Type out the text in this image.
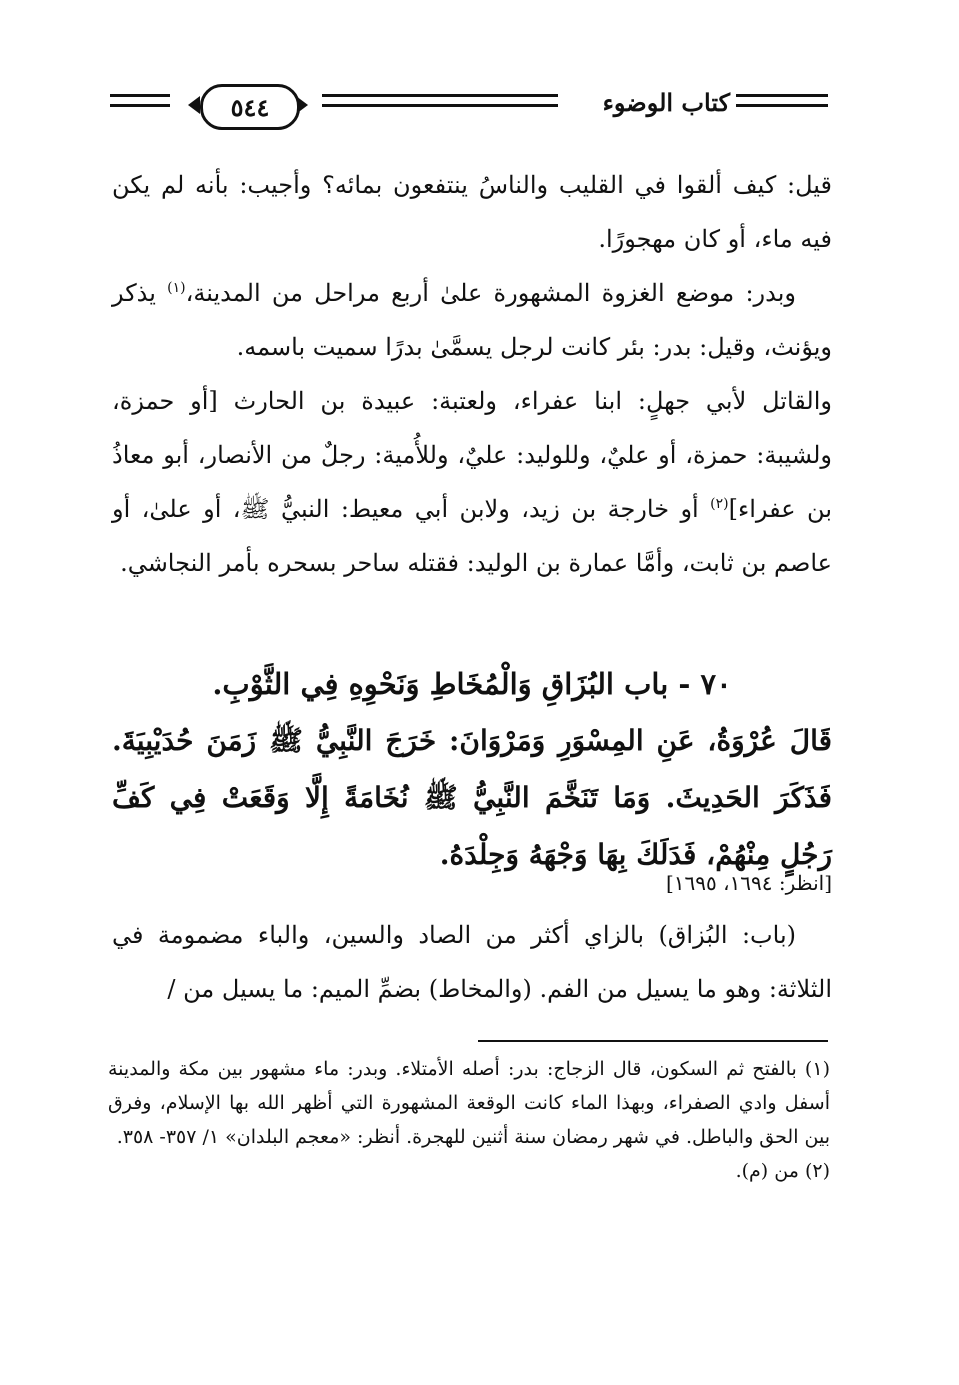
٥٤٤	كتاب الوضوء

قيل: كيف ألقوا في القليب والناسُ ينتفعون بمائه؟ وأجيب: بأنه لم يكن فيه ماء، أو كان مهجورًا.

وبدر: موضع الغزوة المشهورة علىٰ أربع مراحل من المدينة،$^{(١)}$ يذكر ويؤنث، وقيل: بدر: بئر كانت لرجل يسمَّىٰ بدرًا سميت باسمه.

والقاتل لأبي جهلٍ: ابنا عفراء، ولعتبة: عبيدة بن الحارث [أو حمزة، ولشيبة: حمزة، أو عليٌ، وللوليد: عليٌ، وللأُمية: رجلٌ من الأنصار، أبو معاذُ بن عفراء]$^{(٢)}$ أو خارجة بن زيد، ولابن أبي معيط: النبيُّ ﷺ، أو علىٰ، أو عاصم بن ثابت، وأمَّا عمارة بن الوليد: فقتله ساحر بسحره بأمر النجاشي.

٧٠ - باب البُزَاقِ وَالْمُخَاطِ وَنَحْوِهِ فِي الثَّوْبِ.
قَالَ عُرْوَةُ، عَنِ المِسْوَرِ وَمَرْوَانَ: خَرَجَ النَّبِيُّ ﷺ زَمَنَ حُدَيْبِيَةَ. فَذَكَرَ الحَدِيثَ. وَمَا تَنَخَّمَ النَّبِيُّ ﷺ نُخَامَةً إِلَّا وَقَعَتْ فِي كَفِّ رَجُلٍ مِنْهُمْ، فَدَلَكَ بِهَا وَجْهَهُ وَجِلْدَهُ.
[انظر: ١٦٩٤، ١٦٩٥]

(باب: البُزاق) بالزاي أكثر من الصاد والسين، والباء مضمومة في الثلاثة: وهو ما يسيل من الفم. (والمخاط) بضمِّ الميم: ما يسيل من /

(١) بالفتح ثم السكون، قال الزجاج: بدر: أصله الأمتلاء. وبدر: ماء مشهور بين مكة والمدينة أسفل وادي الصفراء، وبهذا الماء كانت الوقعة المشهورة التي أظهر الله بها الإسلام، وفرق بين الحق والباطل. في شهر رمضان سنة أثنين للهجرة. أنظر: «معجم البلدان» ١/ ٣٥٧- ٣٥٨.

(٢) من (م).
